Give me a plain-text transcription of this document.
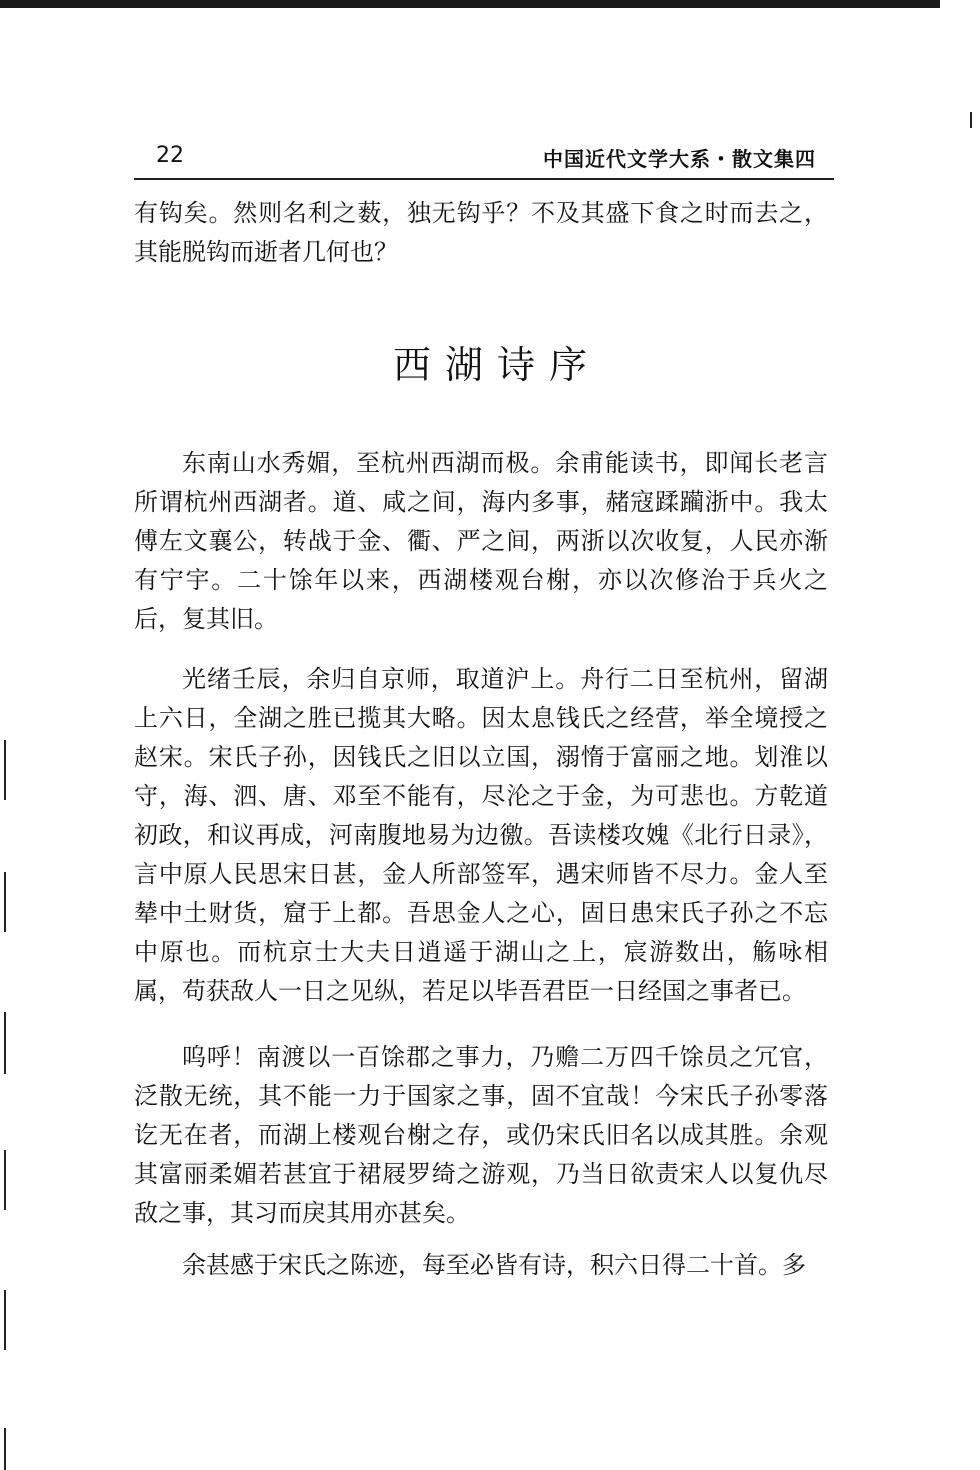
22	中国近代文学大系・散文集四

有钩矣。然则名利之薮，独无钩乎？不及其盛下食之时而去之，其能脱钩而逝者几何也？

西湖诗序

东南山水秀媚，至杭州西湖而极。余甫能读书，即闻长老言所谓杭州西湖者。道、咸之间，海内多事，赭寇蹂躏浙中。我太傅左文襄公，转战于金、衢、严之间，两浙以次收复，人民亦渐有宁宇。二十馀年以来，西湖楼观台榭，亦以次修治于兵火之后，复其旧。

光绪壬辰，余归自京师，取道沪上。舟行二日至杭州，留湖上六日，全湖之胜已揽其大略。因太息钱氏之经营，举全境授之赵宋。宋氏子孙，因钱氏之旧以立国，溺惰于富丽之地。划淮以守，海、泗、唐、邓至不能有，尽沦之于金，为可悲也。方乾道初政，和议再成，河南腹地易为边徼。吾读楼攻媿《北行日录》，言中原人民思宋日甚，金人所部签军，遇宋师皆不尽力。金人至辇中土财货，窟于上都。吾思金人之心，固日患宋氏子孙之不忘中原也。而杭京士大夫日逍遥于湖山之上，宸游数出，觞咏相属，苟获敌人一日之见纵，若足以毕吾君臣一日经国之事者已。

呜呼！南渡以一百馀郡之事力，乃赡二万四千馀员之冗官，泛散无统，其不能一力于国家之事，固不宜哉！今宋氏子孙零落讫无在者，而湖上楼观台榭之存，或仍宋氏旧名以成其胜。余观其富丽柔媚若甚宜于裙屐罗绮之游观，乃当日欲责宋人以复仇尽敌之事，其习而戾其用亦甚矣。

余甚感于宋氏之陈迹，每至必皆有诗，积六日得二十首。多
